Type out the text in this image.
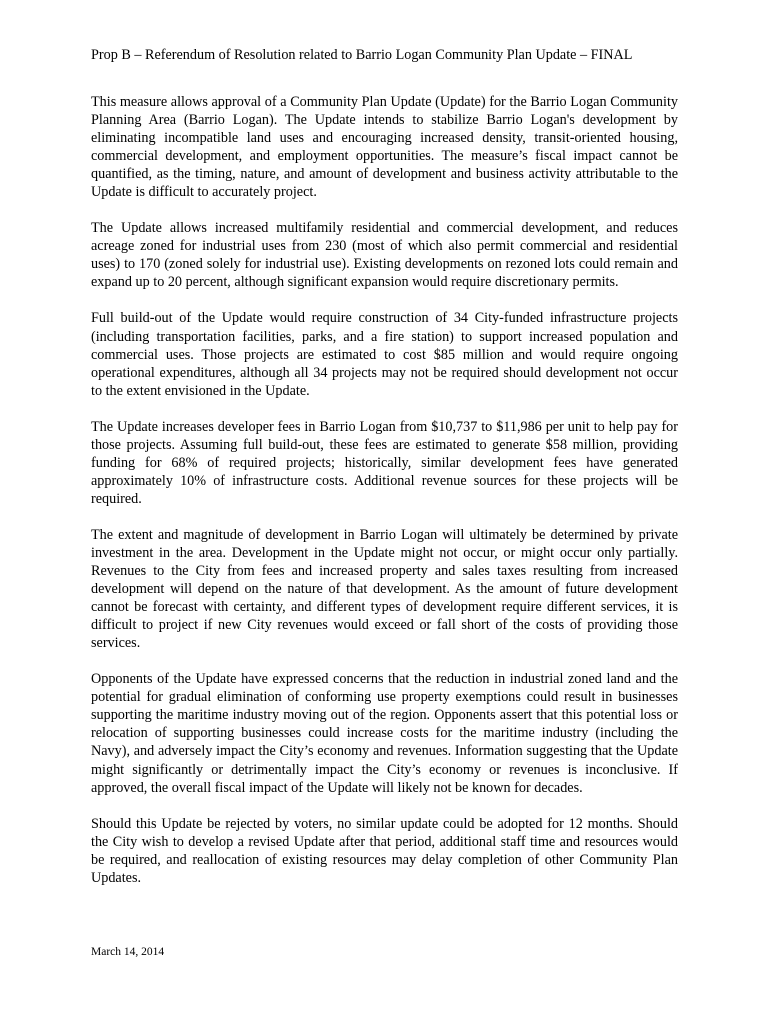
Prop B – Referendum of Resolution related to Barrio Logan Community Plan Update – FINAL

This measure allows approval of a Community Plan Update (Update) for the Barrio Logan Community Planning Area (Barrio Logan). The Update intends to stabilize Barrio Logan's development by eliminating incompatible land uses and encouraging increased density, transit-oriented housing, commercial development, and employment opportunities. The measure’s fiscal impact cannot be quantified, as the timing, nature, and amount of development and business activity attributable to the Update is difficult to accurately project.

The Update allows increased multifamily residential and commercial development, and reduces acreage zoned for industrial uses from 230 (most of which also permit commercial and residential uses) to 170 (zoned solely for industrial use). Existing developments on rezoned lots could remain and expand up to 20 percent, although significant expansion would require discretionary permits.

Full build-out of the Update would require construction of 34 City-funded infrastructure projects (including transportation facilities, parks, and a fire station) to support increased population and commercial uses. Those projects are estimated to cost $85 million and would require ongoing operational expenditures, although all 34 projects may not be required should development not occur to the extent envisioned in the Update.

The Update increases developer fees in Barrio Logan from $10,737 to $11,986 per unit to help pay for those projects. Assuming full build-out, these fees are estimated to generate $58 million, providing funding for 68% of required projects; historically, similar development fees have generated approximately 10% of infrastructure costs. Additional revenue sources for these projects will be required.

The extent and magnitude of development in Barrio Logan will ultimately be determined by private investment in the area. Development in the Update might not occur, or might occur only partially. Revenues to the City from fees and increased property and sales taxes resulting from increased development will depend on the nature of that development. As the amount of future development cannot be forecast with certainty, and different types of development require different services, it is difficult to project if new City revenues would exceed or fall short of the costs of providing those services.

Opponents of the Update have expressed concerns that the reduction in industrial zoned land and the potential for gradual elimination of conforming use property exemptions could result in businesses supporting the maritime industry moving out of the region. Opponents assert that this potential loss or relocation of supporting businesses could increase costs for the maritime industry (including the Navy), and adversely impact the City’s economy and revenues. Information suggesting that the Update might significantly or detrimentally impact the City’s economy or revenues is inconclusive. If approved, the overall fiscal impact of the Update will likely not be known for decades.

Should this Update be rejected by voters, no similar update could be adopted for 12 months. Should the City wish to develop a revised Update after that period, additional staff time and resources would be required, and reallocation of existing resources may delay completion of other Community Plan Updates.

March 14, 2014
